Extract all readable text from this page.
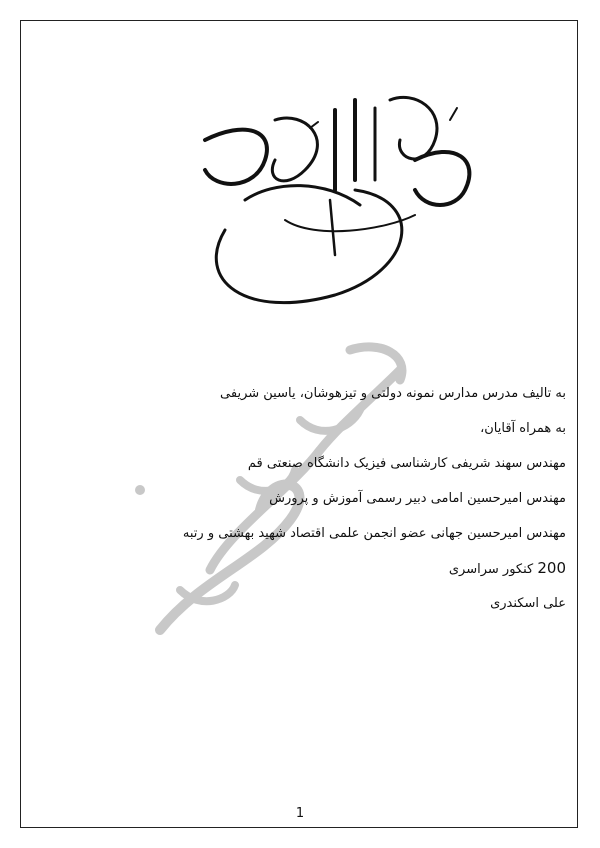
به تالیف مدرس مدارس نمونه دولتی و تیزهوشان، یاسین شریفی
به همراه آقایان،
مهندس سهند شریفی کارشناسی فیزیک دانشگاه صنعتی قم
مهندس امیرحسین امامی دبیر رسمی آموزش و پرورش
مهندس امیرحسین جهانی عضو انجمن علمی اقتصاد شهید بهشتی و رتبه
200 کنکور سراسری
علی اسکندری
1
